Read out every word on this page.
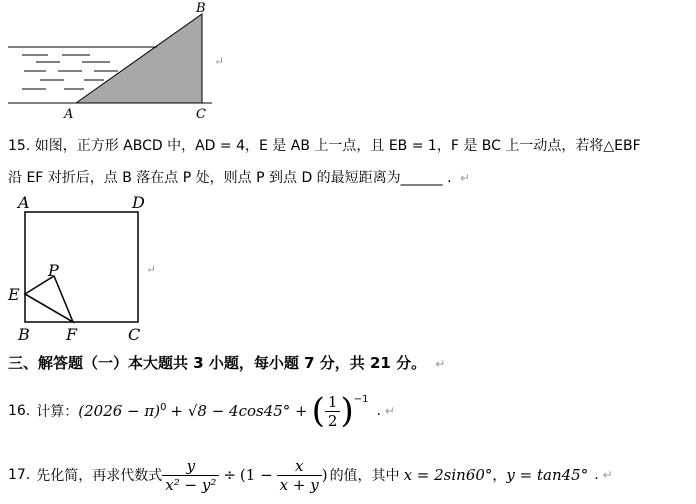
B
A	C
↵
15. 如图，正方形 ABCD 中，AD = 4，E 是 AB 上一点，且 EB = 1，F 是 BC 上一动点，若将△EBF
沿 EF 对折后，点 B 落在点 P 处，则点 P 到点 D 的最短距离为______ . ↵
A	D
P
E
B F	C
↵
三、解答题（一）本大题共 3 小题，每小题 7 分，共 21 分。 ↵
16. 计算： $(2026 - \pi)^0 + √8 - 4\cos 45^\circ$ + ( $\frac{1}{2} )^{-1}$
. ↵
17. 先化简，再求代数式 $\frac{y}{\text{x² − y²}} \div (1 - \frac{x}{x + y}$ ) 的值，其中 x = 2sin60° ， y = tan45° . ↵
